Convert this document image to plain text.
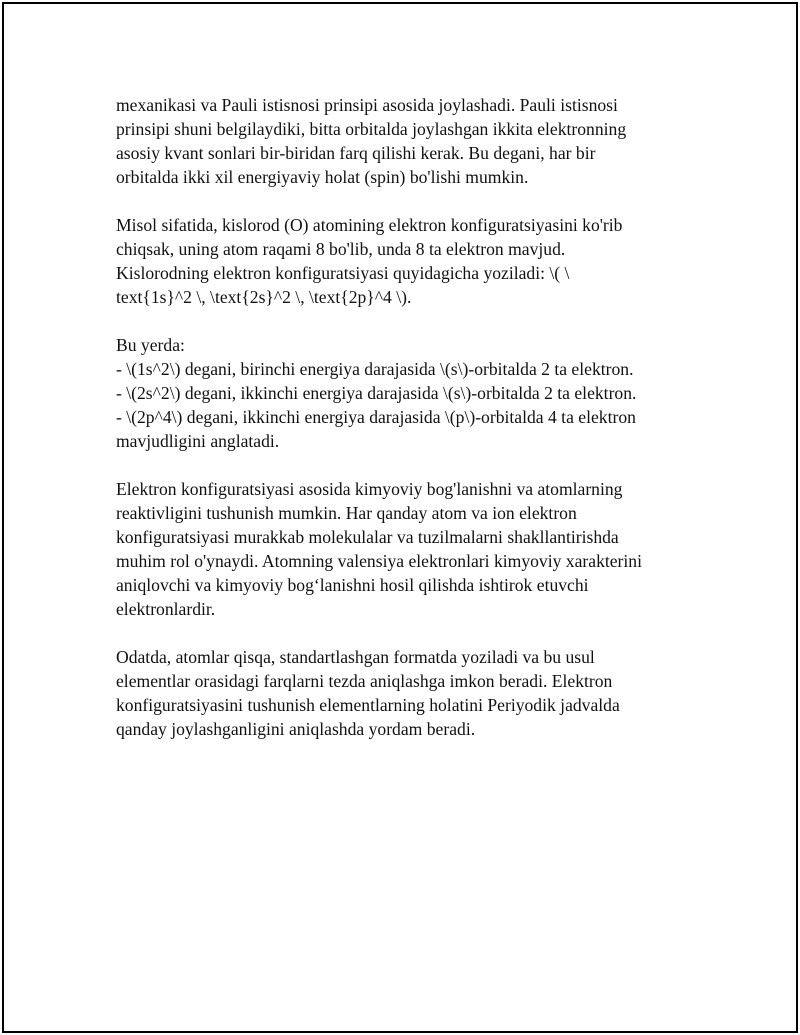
mexanikasi va Pauli istisnosi prinsipi asosida joylashadi. Pauli istisnosi
prinsipi shuni belgilaydiki, bitta orbitalda joylashgan ikkita elektronning
asosiy kvant sonlari bir-biridan farq qilishi kerak. Bu degani, har bir
orbitalda ikki xil energiyaviy holat (spin) bo'lishi mumkin.

Misol sifatida, kislorod (O) atomining elektron konfiguratsiyasini ko'rib
chiqsak, uning atom raqami 8 bo'lib, unda 8 ta elektron mavjud.
Kislorodning elektron konfiguratsiyasi quyidagicha yoziladi: \( \
text{1s}^2 \, \text{2s}^2 \, \text{2p}^4 \).

Bu yerda:
- \(1s^2\) degani, birinchi energiya darajasida \(s\)-orbitalda 2 ta elektron.
- \(2s^2\) degani, ikkinchi energiya darajasida \(s\)-orbitalda 2 ta elektron.
- \(2p^4\) degani, ikkinchi energiya darajasida \(p\)-orbitalda 4 ta elektron
mavjudligini anglatadi.

Elektron konfiguratsiyasi asosida kimyoviy bog'lanishni va atomlarning
reaktivligini tushunish mumkin. Har qanday atom va ion elektron
konfiguratsiyasi murakkab molekulalar va tuzilmalarni shakllantirishda
muhim rol o'ynaydi. Atomning valensiya elektronlari kimyoviy xarakterini
aniqlovchi va kimyoviy bog‘lanishni hosil qilishda ishtirok etuvchi
elektronlardir.

Odatda, atomlar qisqa, standartlashgan formatda yoziladi va bu usul
elementlar orasidagi farqlarni tezda aniqlashga imkon beradi. Elektron
konfiguratsiyasini tushunish elementlarning holatini Periyodik jadvalda
qanday joylashganligini aniqlashda yordam beradi.
